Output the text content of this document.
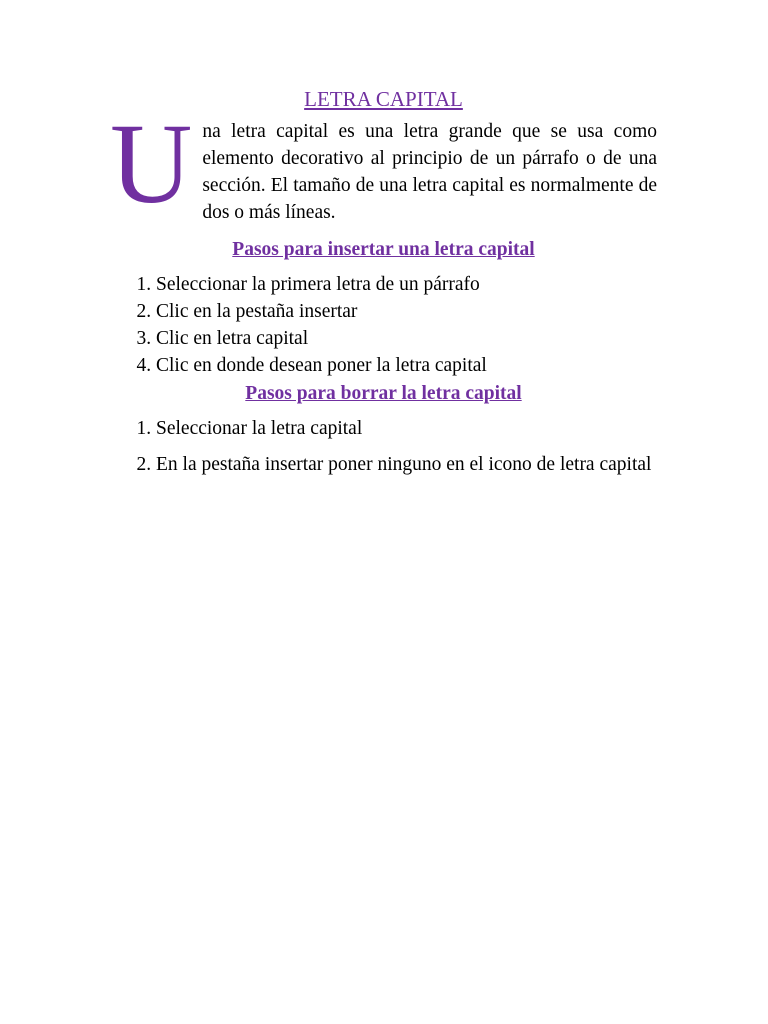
LETRA CAPITAL

Una letra capital es una letra grande que se usa como elemento decorativo al principio de un párrafo o de una sección. El tamaño de una letra capital es normalmente de dos o más líneas.

Pasos para insertar una letra capital
1. Seleccionar la primera letra de un párrafo
2. Clic en la pestaña insertar
3. Clic en letra capital
4. Clic en donde desean poner la letra capital
Pasos para borrar la letra capital
1. Seleccionar la letra capital
2. En la pestaña insertar poner ninguno en el icono de letra capital
